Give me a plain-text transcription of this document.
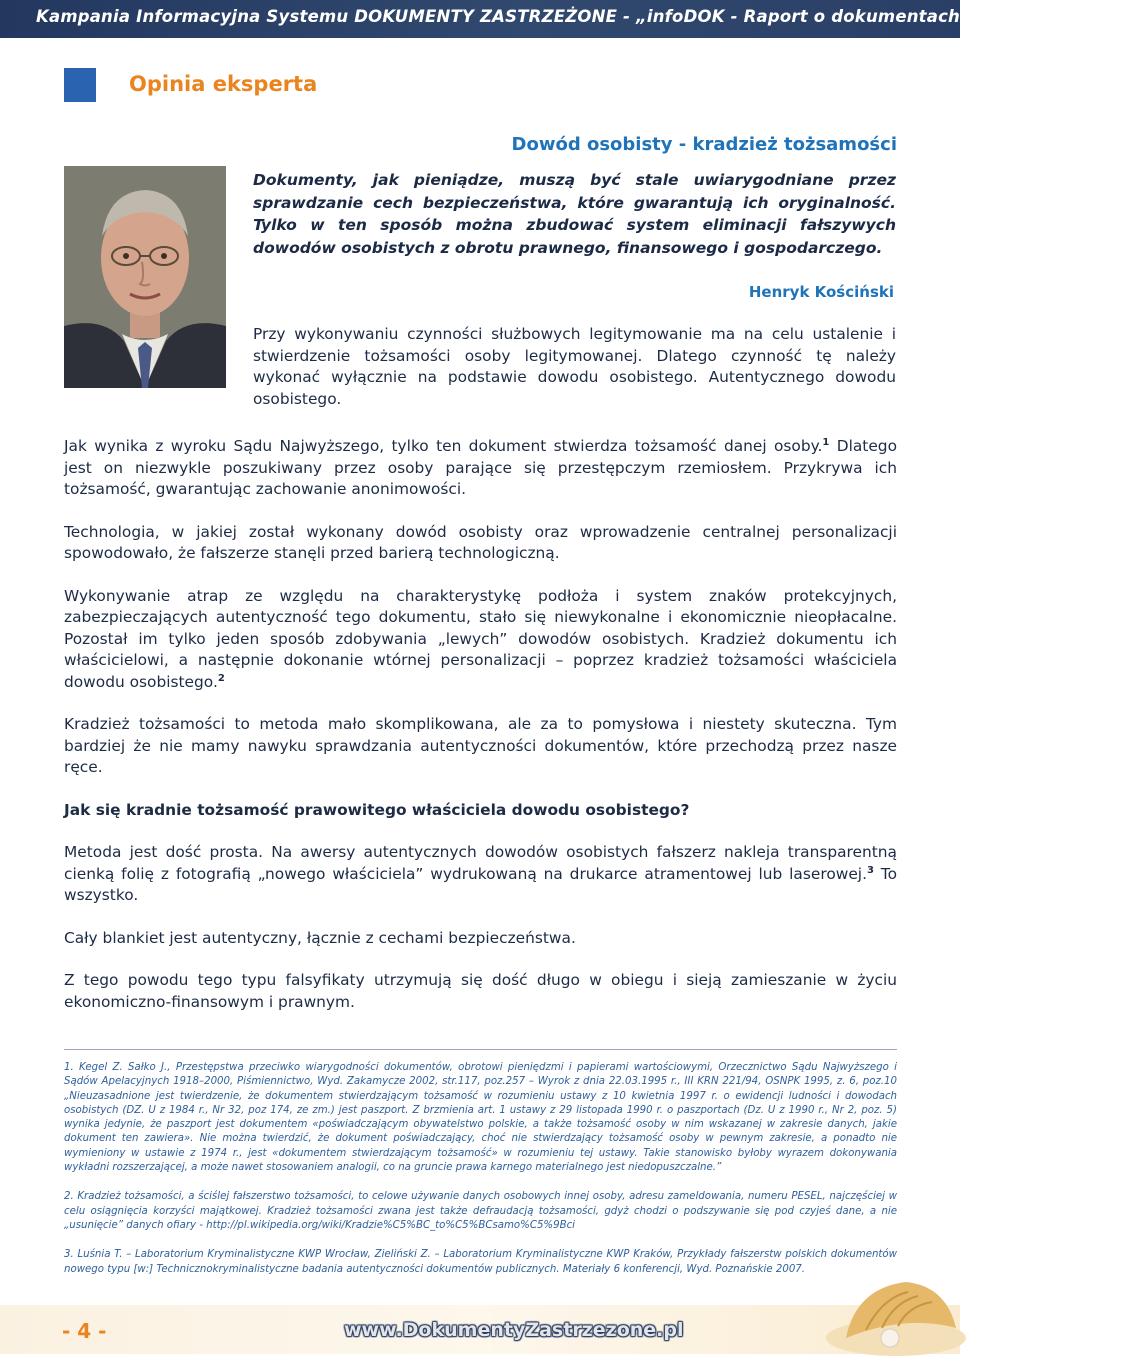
Kampania Informacyjna Systemu DOKUMENTY ZASTRZEŻONE - „infoDOK - Raport o dokumentach - I kwartał 2011”
Opinia eksperta
Dowód osobisty - kradzież tożsamości

Dokumenty, jak pieniądze, muszą być stale uwiarygodniane przez sprawdzanie cech bezpieczeństwa, które gwarantują ich oryginalność. Tylko w ten sposób można zbudować system eliminacji fałszywych dowodów osobistych z obrotu prawnego, finansowego i gospodarczego.

Henryk Kościński

Przy wykonywaniu czynności służbowych legitymowanie ma na celu ustalenie i stwierdzenie tożsamości osoby legitymowanej. Dlatego czynność tę należy wykonać wyłącznie na podstawie dowodu osobistego. Autentycznego dowodu osobistego.

Jak wynika z wyroku Sądu Najwyższego, tylko ten dokument stwierdza tożsamość danej osoby.$^1$ Dlatego jest on niezwykle poszukiwany przez osoby parające się przestępczym rzemiosłem. Przykrywa ich tożsamość, gwarantując zachowanie anonimowości.

Technologia, w jakiej został wykonany dowód osobisty oraz wprowadzenie centralnej personalizacji spowodowało, że fałszerze stanęli przed barierą technologiczną.

Wykonywanie atrap ze względu na charakterystykę podłoża i system znaków protekcyjnych, zabezpieczających autentyczność tego dokumentu, stało się niewykonalne i ekonomicznie nieopłacalne. Pozostał im tylko jeden sposób zdobywania „lewych” dowodów osobistych. Kradzież dokumentu ich właścicielowi, a następnie dokonanie wtórnej personalizacji – poprzez kradzież tożsamości właściciela dowodu osobistego.$^2$

Kradzież tożsamości to metoda mało skomplikowana, ale za to pomysłowa i niestety skuteczna. Tym bardziej że nie mamy nawyku sprawdzania autentyczności dokumentów, które przechodzą przez nasze ręce.

Jak się kradnie tożsamość prawowitego właściciela dowodu osobistego?

Metoda jest dość prosta. Na awersy autentycznych dowodów osobistych fałszerz nakleja transparentną cienką folię z fotografią „nowego właściciela” wydrukowaną na drukarce atramentowej lub laserowej.$^3$ To wszystko.

Cały blankiet jest autentyczny, łącznie z cechami bezpieczeństwa.

Z tego powodu tego typu falsyfikaty utrzymują się dość długo w obiegu i sieją zamieszanie w życiu ekonomiczno-finansowym i prawnym.

1. Kegel Z. Sałko J., Przestępstwa przeciwko wiarygodności dokumentów, obrotowi pieniędzmi i papierami wartościowymi, Orzecznictwo Sądu Najwyższego i Sądów Apelacyjnych 1918–2000, Piśmiennictwo, Wyd. Zakamycze 2002, str.117, poz.257 – Wyrok z dnia 22.03.1995 r., III KRN 221/94, OSNPK 1995, z. 6, poz.10 „Nieuzasadnione jest twierdzenie, że dokumentem stwierdzającym tożsamość w rozumieniu ustawy z 10 kwietnia 1997 r. o ewidencji ludności i dowodach osobistych (DZ. U z 1984 r., Nr 32, poz 174, ze zm.) jest paszport. Z brzmienia art. 1 ustawy z 29 listopada 1990 r. o paszportach (Dz. U z 1990 r., Nr 2, poz. 5) wynika jedynie, że paszport jest dokumentem «poświadczającym obywatelstwo polskie, a także tożsamość osoby w nim wskazanej w zakresie danych, jakie dokument ten zawiera». Nie można twierdzić, że dokument poświadczający, choć nie stwierdzający tożsamość osoby w pewnym zakresie, a ponadto nie wymieniony w ustawie z 1974 r., jest «dokumentem stwierdzającym tożsamość» w rozumieniu tej ustawy. Takie stanowisko byłoby wyrazem dokonywania wykładni rozszerzającej, a może nawet stosowaniem analogii, co na gruncie prawa karnego materialnego jest niedopuszczalne.”

2. Kradzież tożsamości, a ściślej fałszerstwo tożsamości, to celowe używanie danych osobowych innej osoby, adresu zameldowania, numeru PESEL, najczęściej w celu osiągnięcia korzyści majątkowej. Kradzież tożsamości zwana jest także defraudacją tożsamości, gdyż chodzi o podszywanie się pod czyjeś dane, a nie „usunięcie” danych ofiary - http://pl.wikipedia.org/wiki/Kradzie%C5%BC_to%C5%BCsamo%C5%9Bci

3. Luśnia T. – Laboratorium Kryminalistyczne KWP Wrocław, Zieliński Z. – Laboratorium Kryminalistyczne KWP Kraków, Przykłady fałszerstw polskich dokumentów nowego typu [w:] Technicznokryminalistyczne badania autentyczności dokumentów publicznych. Materiały 6 konferencji, Wyd. Poznańskie 2007.

- 4 -	www.DokumentyZastrzezone.pl
